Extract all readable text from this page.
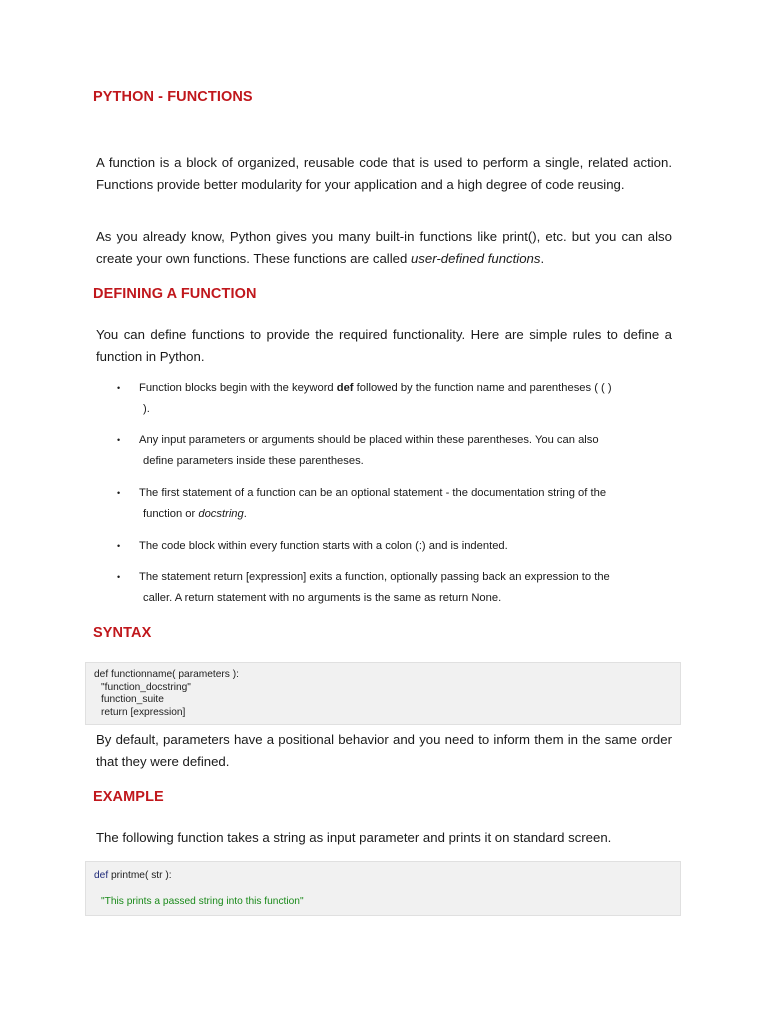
PYTHON - FUNCTIONS

A function is a block of organized, reusable code that is used to perform a single, related action. Functions provide better modularity for your application and a high degree of code reusing.

As you already know, Python gives you many built-in functions like print(), etc. but you can also create your own functions. These functions are called user-defined functions.

DEFINING A FUNCTION

You can define functions to provide the required functionality. Here are simple rules to define a function in Python.

• Function blocks begin with the keyword def followed by the function name and parentheses ( ( )
).
• Any input parameters or arguments should be placed within these parentheses. You can also
define parameters inside these parentheses.
• The first statement of a function can be an optional statement - the documentation string of the
function or docstring.
• The code block within every function starts with a colon (:) and is indented.
• The statement return [expression] exits a function, optionally passing back an expression to the
caller. A return statement with no arguments is the same as return None.
SYNTAX
def functionname( parameters ):
"function_docstring"
function_suite
return [expression]

By default, parameters have a positional behavior and you need to inform them in the same order that they were defined.

EXAMPLE

The following function takes a string as input parameter and prints it on standard screen.

def printme( str ):

"This prints a passed string into this function"
